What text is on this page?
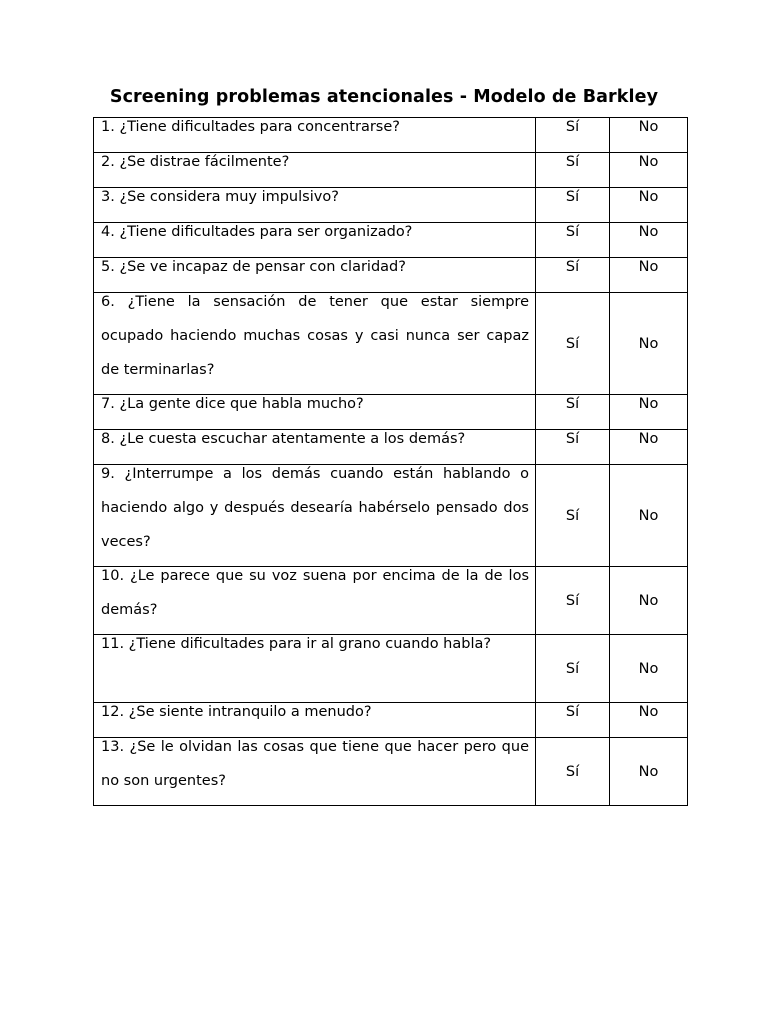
Screening problemas atencionales - Modelo de Barkley
1. ¿Tiene dificultades para concentrarse?	Sí	No

2. ¿Se distrae fácilmente?	Sí	No

3. ¿Se considera muy impulsivo?	Sí	No

4. ¿Tiene dificultades para ser organizado?	Sí	No

5. ¿Se ve incapaz de pensar con claridad?	Sí	No

6. ¿Tiene la sensación de tener que estar siempre ocupado haciendo muchas cosas y casi nunca ser capaz de terminarlas?	Sí	No

7. ¿La gente dice que habla mucho?	Sí	No

8. ¿Le cuesta escuchar atentamente a los demás?	Sí	No

9. ¿Interrumpe a los demás cuando están hablando o haciendo algo y después desearía habérselo pensado dos veces?	Sí	No

10. ¿Le parece que su voz suena por encima de la de los demás?	Sí	No

11. ¿Tiene dificultades para ir al grano cuando habla?	Sí	No

12. ¿Se siente intranquilo a menudo?	Sí	No

13. ¿Se le olvidan las cosas que tiene que hacer pero que no son urgentes?	Sí	No
